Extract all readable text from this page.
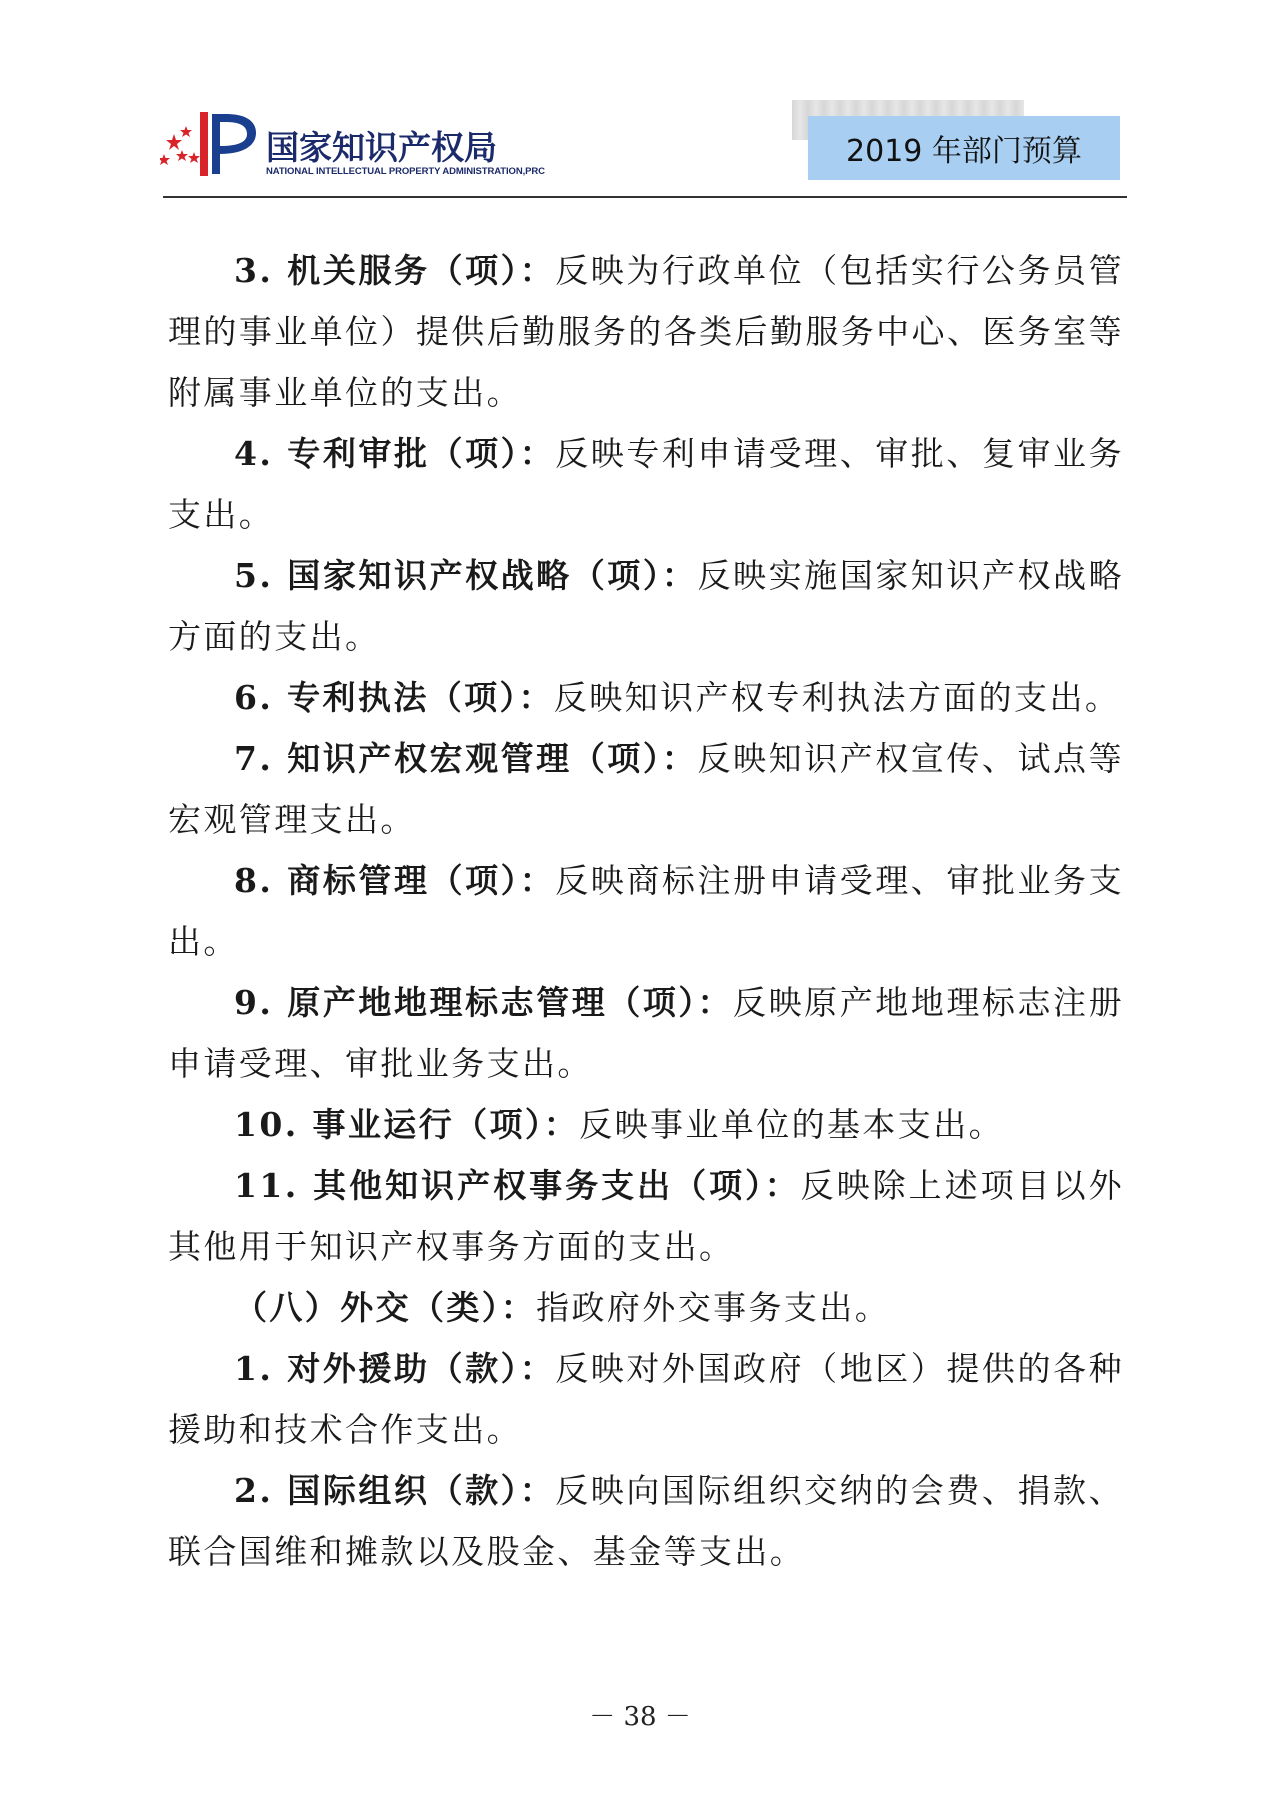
国家知识产权局
NATIONAL INTELLECTUAL PROPERTY ADMINISTRATION,PRC
2019 年部门预算

3. 机关服务（项）：反映为行政单位（包括实行公务员管理的事业单位）提供后勤服务的各类后勤服务中心、医务室等附属事业单位的支出。

4. 专利审批（项）：反映专利申请受理、审批、复审业务支出。

5. 国家知识产权战略（项）：反映实施国家知识产权战略方面的支出。

6. 专利执法（项）：反映知识产权专利执法方面的支出。

7. 知识产权宏观管理（项）：反映知识产权宣传、试点等宏观管理支出。

8. 商标管理（项）：反映商标注册申请受理、审批业务支出。

9. 原产地地理标志管理（项）：反映原产地地理标志注册申请受理、审批业务支出。

10. 事业运行（项）：反映事业单位的基本支出。

11. 其他知识产权事务支出（项）：反映除上述项目以外其他用于知识产权事务方面的支出。

（八）外交（类）：指政府外交事务支出。

1. 对外援助（款）：反映对外国政府（地区）提供的各种援助和技术合作支出。

2. 国际组织（款）：反映向国际组织交纳的会费、捐款、联合国维和摊款以及股金、基金等支出。

－ 38 －
